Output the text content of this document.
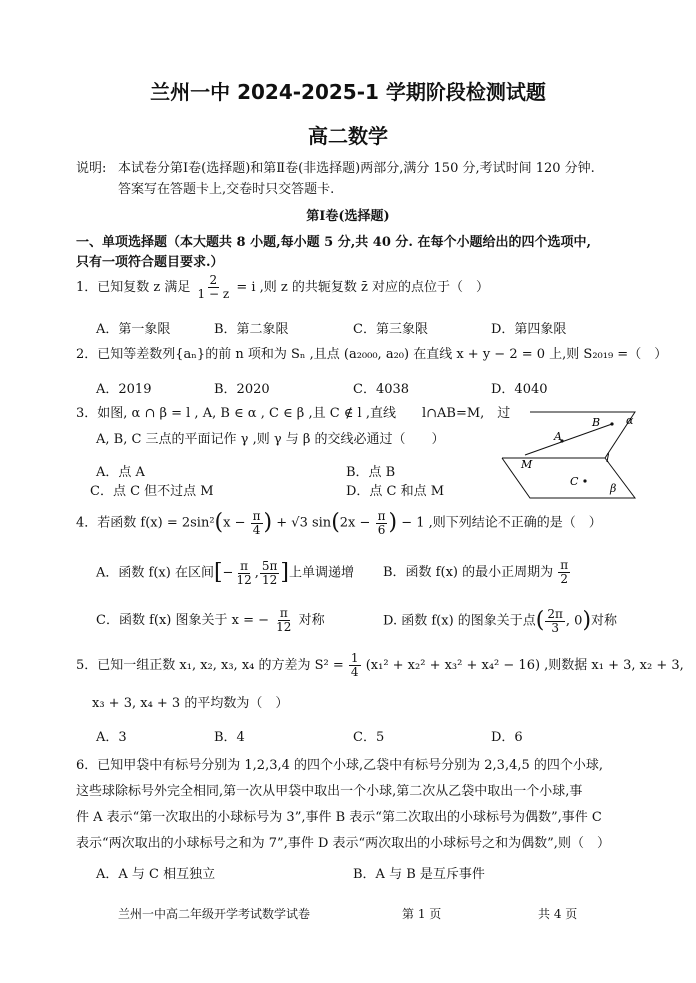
兰州一中 2024-2025-1 学期阶段检测试题
高二数学
说明: 本试卷分第Ⅰ卷(选择题)和第Ⅱ卷(非选择题)两部分,满分 150 分,考试时间 120 分钟.
答案写在答题卡上,交卷时只交答题卡.
第Ⅰ卷(选择题)
一、单项选择题（本大题共 8 小题,每小题 5 分,共 40 分. 在每个小题给出的四个选项中,
只有一项符合题目要求.）
1．已知复数 z 满足 $\frac{2}{1 - z} = i$ ,则 z 的共轭复数 z̄ 对应的点位于（　）
A．第一象限	B．第二象限	C．第三象限	D．第四象限
2．已知等差数列{aₙ}的前 n 项和为 Sₙ ,且点 (a₂₀₀₀, a₂₀) 在直线 x + y − 2 = 0 上,则 S₂₀₁₉ =（　）
A．2019	B．2020	C．4038	D．4040
3．如图, α ∩ β = l , A, B ∈ α , C ∈ β ,且 C ∉ l ,直线　　l∩AB=M,　过
A, B, C 三点的平面记作 γ ,则 γ 与 β 的交线必通过（　　）
A．点 A	B．点 B
C．点 C 但不过点 M	D．点 C 和点 M
α
β
l
A
B
C
M
4．若函数 $f(x) = 2\sin^2(x - \frac{\pi}{4}$ ) + √3 $\sin(2x - \frac{\pi}{6}$ ) − 1 ,则下列结论不正确的是（　）
A．函数 f(x) 在区间[− $\frac{\pi}{12}$ , $\frac{5\pi}{12}$ ]上单调递增 B．函数 f(x) 的最小正周期为 $\frac{\pi}{2}$
C．函数 f(x) 图象关于 x = − $\frac{\pi}{12}$ 对称	D. 函数 f(x) 的图象关于点( $\frac{2\pi}{3}$ , 0)对称
5．已知一组正数 x₁, x₂, x₃, x₄ 的方差为 $S^2 = \frac{1}{4} (x_1^2 + x_2^2 + x_3^2 + x_4^2 - 16)$ ,则数据 x₁ + 3, x₂ + 3,
x₃ + 3, x₄ + 3 的平均数为（　）
A．3	B．4	C．5	D．6
6．已知甲袋中有标号分别为 1,2,3,4 的四个小球,乙袋中有标号分别为 2,3,4,5 的四个小球,
这些球除标号外完全相同,第一次从甲袋中取出一个小球,第二次从乙袋中取出一个小球,事
件 A 表示“第一次取出的小球标号为 3”,事件 B 表示“第二次取出的小球标号为偶数”,事件 C
表示“两次取出的小球标号之和为 7”,事件 D 表示“两次取出的小球标号之和为偶数”,则（　）
A．A 与 C 相互独立	B．A 与 B 是互斥事件
兰州一中高二年级开学考试数学试卷	第 1 页	共 4 页
